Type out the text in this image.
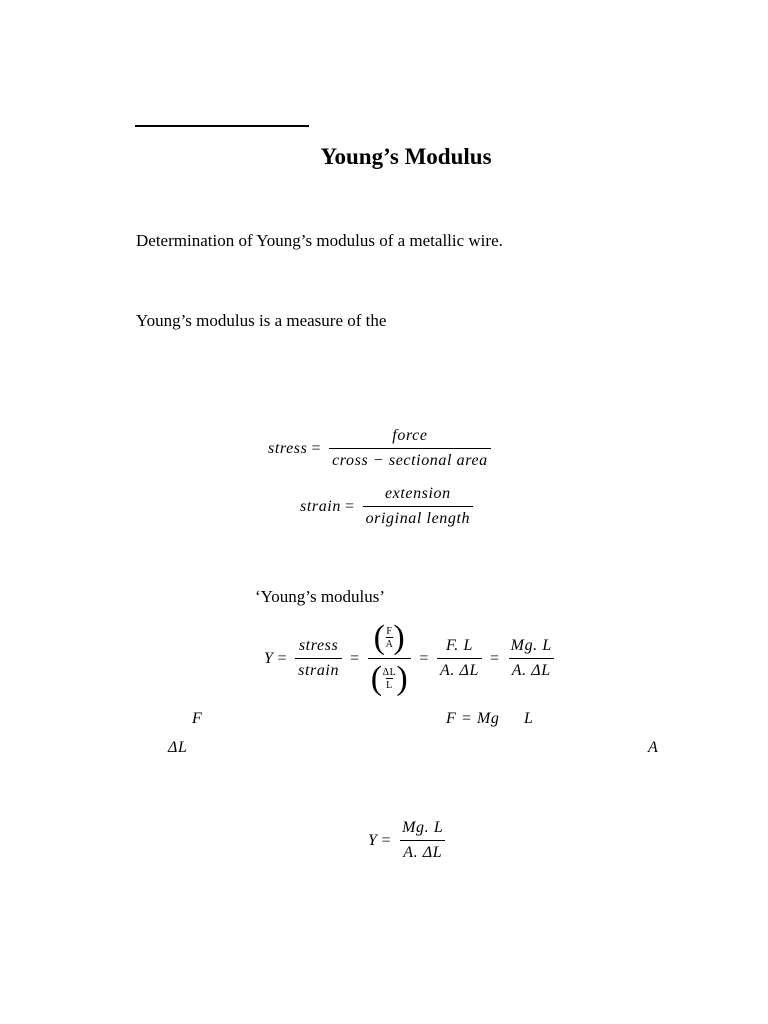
Young’s Modulus
Determination of Young’s modulus of a metallic wire.
Young’s modulus is a measure of the
stress = $\frac{\text{force}}{\text{cross − sectional area}}$
strain = $\frac{\text{extension}}{\text{original length}}$
‘Young’s modulus’
$Y = \frac{\text{stress}}{\text{strain}} = \frac{( \frac{F}{A} )}{( \frac{\Delta L}{L} )} = \frac{F. L}{A. \Delta L} = \frac{Mg. L}{A. \Delta L}$
F	F = Mg L
ΔL	A
$Y = \frac{Mg. L}{A. \Delta L}$
